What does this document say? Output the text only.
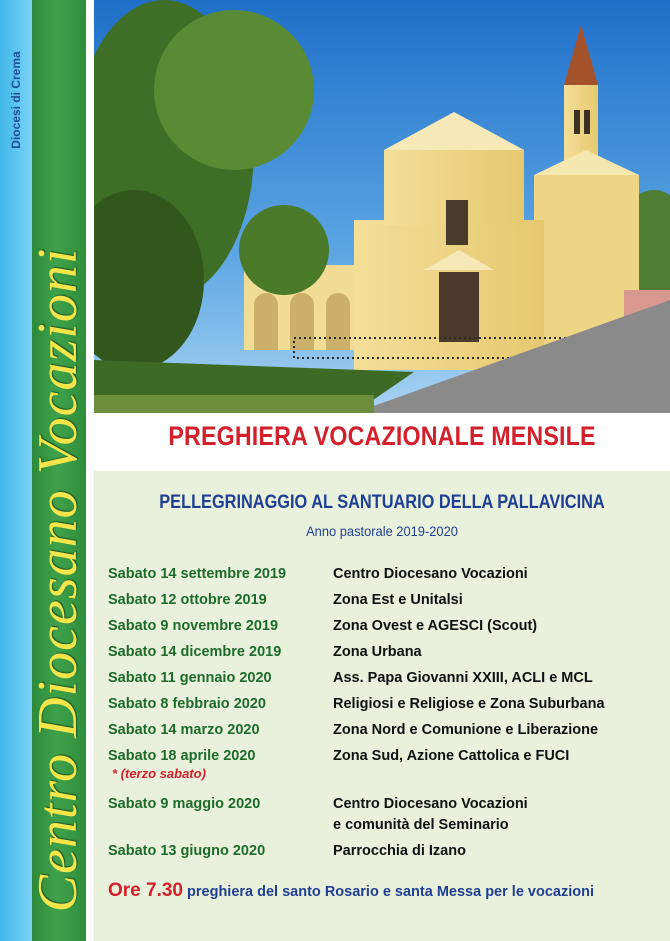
Diocesi di Crema
Centro Diocesano Vocazioni	PREGHIERA VOCAZIONALE MENSILE
PELLEGRINAGGIO AL SANTUARIO DELLA PALLAVICINA
Anno pastorale 2019-2020
Sabato 14 settembre 2019	Centro Diocesano Vocazioni
Sabato 12 ottobre 2019	Zona Est e Unitalsi
Sabato 9 novembre 2019	Zona Ovest e AGESCI (Scout)
Sabato 14 dicembre 2019	Zona Urbana
Sabato 11 gennaio 2020	Ass. Papa Giovanni XXIII, ACLI e MCL
Sabato 8 febbraio 2020	Religiosi e Religiose e Zona Suburbana
Sabato 14 marzo 2020	Zona Nord e Comunione e Liberazione
Sabato 18 aprile 2020	Zona Sud, Azione Cattolica e FUCI
* (terzo sabato)
Sabato 9 maggio 2020	Centro Diocesano Vocazioni
e comunità del Seminario
Sabato 13 giugno 2020	Parrocchia di Izano
Ore 7.30 preghiera del santo Rosario e santa Messa per le vocazioni
